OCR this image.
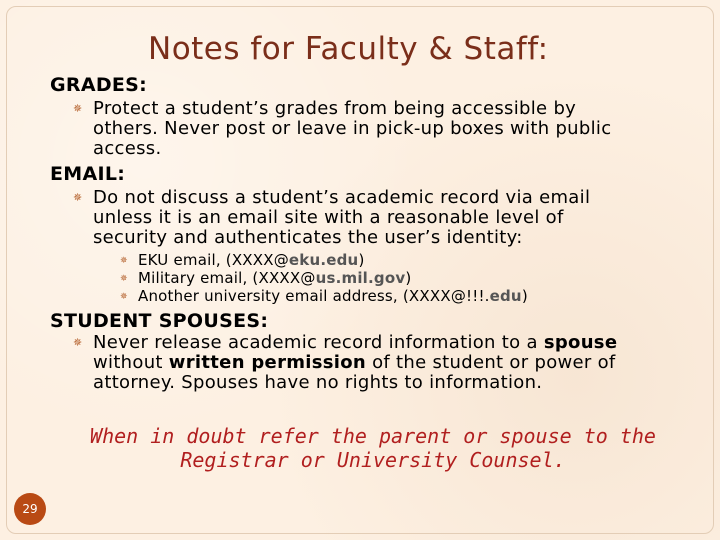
Notes for Faculty & Staff:
GRADES:
✵ Protect a student’s grades from being accessible by
others. Never post or leave in pick-up boxes with public
access.
EMAIL:
✵ Do not discuss a student’s academic record via email
unless it is an email site with a reasonable level of
security and authenticates the user’s identity:
✵ EKU email, (XXXX@eku.edu)
✵ Military email, (XXXX@us.mil.gov)
✵ Another university email address, (XXXX@!!!.edu)
STUDENT SPOUSES:
✵ Never release academic record information to a spouse
without written permission of the student or power of
attorney. Spouses have no rights to information.
When in doubt refer the parent or spouse to the
Registrar or University Counsel.
29
